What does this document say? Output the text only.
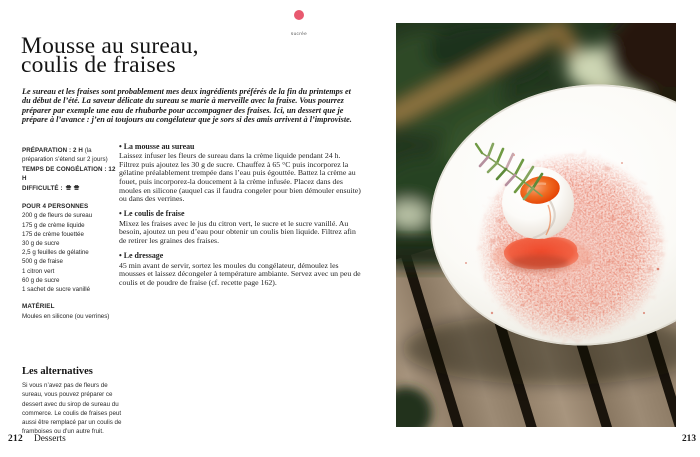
sucrée
Mousse au sureau,
coulis de fraises

Le sureau et les fraises sont probablement mes deux ingrédients préférés de la fin du printemps et du début de l’été. La saveur délicate du sureau se marie à merveille avec la fraise. Vous pourrez préparer par exemple une eau de rhubarbe pour accompagner des fraises. Ici, un dessert que je prépare à l’avance : j’en ai toujours au congélateur que je sors si des amis arrivent à l’improviste.

PRÉPARATION : 2 H (la préparation s’étend sur 2 jours)

TEMPS DE CONGÉLATION : 12 H

DIFFICULTÉ :

POUR 4 PERSONNES
200 g de fleurs de sureau
175 g de crème liquide
175 de crème fouettée
30 g de sucre
2,5 g feuilles de gélatine
500 g de fraise
1 citron vert
60 g de sucre
1 sachet de sucre vanillé
MATÉRIEL

Moules en silicone (ou verrines)

• La mousse au sureau

Laissez infuser les fleurs de sureau dans la crème liquide pendant 24 h. Filtrez puis ajoutez les 30 g de sucre. Chauffez à 65 °C puis incorporez la gélatine préalablement trempée dans l’eau puis égouttée. Battez la crème au fouet, puis incorporez-la doucement à la crème infusée. Placez dans des moules en silicone (auquel cas il faudra congeler pour bien démouler ensuite) ou dans des verrines.

• Le coulis de fraise

Mixez les fraises avec le jus du citron vert, le sucre et le sucre vanillé. Au besoin, ajoutez un peu d’eau pour obtenir un coulis bien liquide. Filtrez afin de retirer les graines des fraises.

• Le dressage

45 min avant de servir, sortez les moules du congélateur, démoulez les mousses et laissez décongeler à température ambiante. Servez avec un peu de coulis et de poudre de fraise (cf. recette page 162).

Les alternatives

Si vous n’avez pas de fleurs de sureau, vous pouvez préparer ce dessert avec du sirop de sureau du commerce. Le coulis de fraises peut aussi être remplacé par un coulis de framboises ou d’un autre fruit.

212 Desserts	213
